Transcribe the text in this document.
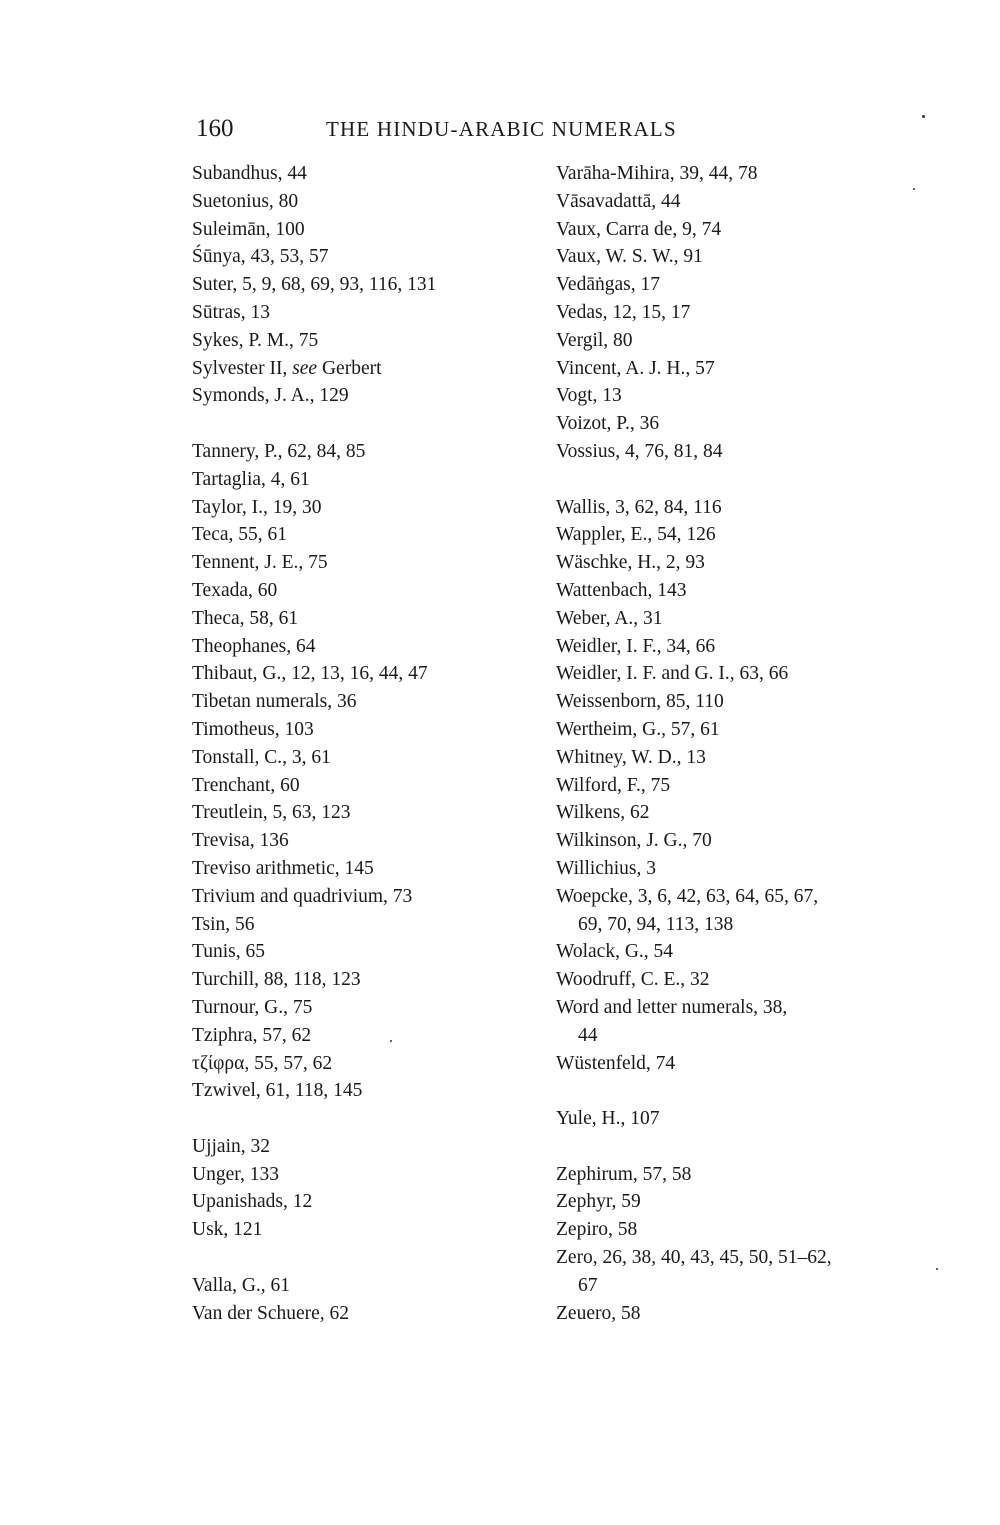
160	THE HINDU-ARABIC NUMERALS
Subandhus, 44
Suetonius, 80
Suleimān, 100
Śūnya, 43, 53, 57
Suter, 5, 9, 68, 69, 93, 116, 131
Sūtras, 13
Sykes, P. M., 75
Sylvester II, see Gerbert
Symonds, J. A., 129
Tannery, P., 62, 84, 85
Tartaglia, 4, 61
Taylor, I., 19, 30
Teca, 55, 61
Tennent, J. E., 75
Texada, 60
Theca, 58, 61
Theophanes, 64
Thibaut, G., 12, 13, 16, 44, 47
Tibetan numerals, 36
Timotheus, 103
Tonstall, C., 3, 61
Trenchant, 60
Treutlein, 5, 63, 123
Trevisa, 136
Treviso arithmetic, 145
Trivium and quadrivium, 73
Tsin, 56
Tunis, 65
Turchill, 88, 118, 123
Turnour, G., 75
Tziphra, 57, 62
τζίφρα, 55, 57, 62
Tzwivel, 61, 118, 145
Ujjain, 32
Unger, 133
Upanishads, 12
Usk, 121
Valla, G., 61
Van der Schuere, 62
Varāha-Mihira, 39, 44, 78
Vāsavadattā, 44
Vaux, Carra de, 9, 74
Vaux, W. S. W., 91
Vedāṅgas, 17
Vedas, 12, 15, 17
Vergil, 80
Vincent, A. J. H., 57
Vogt, 13
Voizot, P., 36
Vossius, 4, 76, 81, 84
Wallis, 3, 62, 84, 116
Wappler, E., 54, 126
Wäschke, H., 2, 93
Wattenbach, 143
Weber, A., 31
Weidler, I. F., 34, 66
Weidler, I. F. and G. I., 63, 66
Weissenborn, 85, 110
Wertheim, G., 57, 61
Whitney, W. D., 13
Wilford, F., 75
Wilkens, 62
Wilkinson, J. G., 70
Willichius, 3
Woepcke, 3, 6, 42, 63, 64, 65, 67,
69, 70, 94, 113, 138
Wolack, G., 54
Woodruff, C. E., 32
Word and letter numerals, 38,
44
Wüstenfeld, 74
Yule, H., 107
Zephirum, 57, 58
Zephyr, 59
Zepiro, 58
Zero, 26, 38, 40, 43, 45, 50, 51–62,
67
Zeuero, 58
